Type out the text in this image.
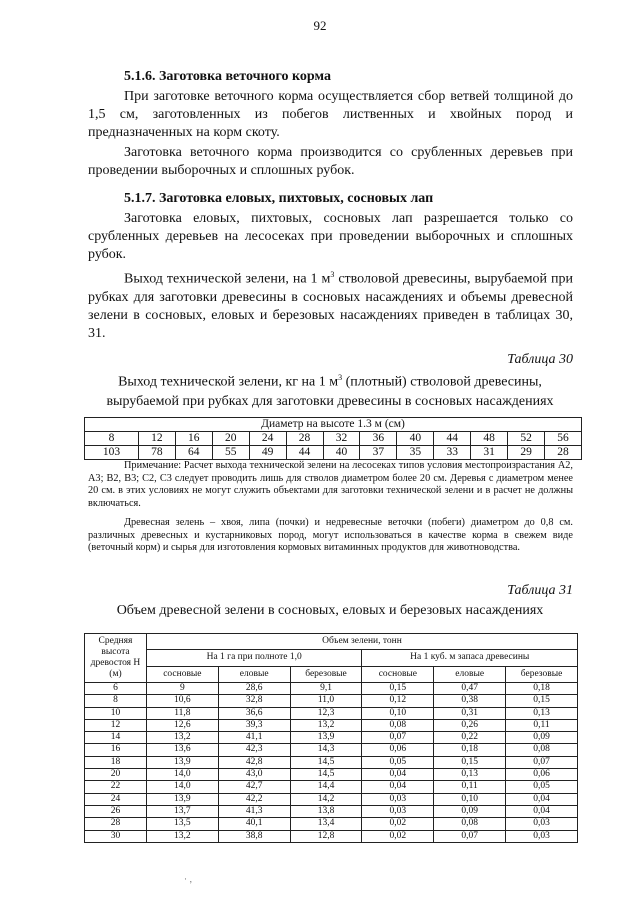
92
5.1.6. Заготовка веточного корма
При заготовке веточного корма осуществляется сбор ветвей толщиной до 1,5 см, заготовленных из побегов лиственных и хвойных пород и предназначенных на корм скоту.
Заготовка веточного корма производится со срубленных деревьев при проведении выборочных и сплошных рубок.
5.1.7. Заготовка еловых, пихтовых, сосновых лап
Заготовка еловых, пихтовых, сосновых лап разрешается только со срубленных деревьев на лесосеках при проведении выборочных и сплошных рубок.
Выход технической зелени, на 1 $м^3$ стволовой древесины, вырубаемой при рубках для заготовки древесины в сосновых насаждениях и объемы древесной зелени в сосновых, еловых и березовых насаждениях приведен в таблицах 30, 31.
Таблица 30
Выход технической зелени, кг на 1 $м^3$ (плотный) стволовой древесины,
вырубаемой при рубках для заготовки древесины в сосновых насаждениях
Диаметр на высоте 1.3 м (см)												
8	12	16	20	24	28	32	36	40	44	48	52	56
103	78	64	55	49	44	40	37	35	33	31	29	28
Примечание: Расчет выхода технической зелени на лесосеках типов условия местопроизрастания А2, А3; В2, В3; С2, С3 следует проводить лишь для стволов диаметром более 20 см. Деревья с диаметром менее 20 см. в этих условиях не могут служить объектами для заготовки технической зелени и в расчет не должны включаться.
Древесная зелень – хвоя, липа (почки) и недревесные веточки (побеги) диаметром до 0,8 см. различных древесных и кустарниковых пород, могут использоваться в качестве корма в свежем виде (веточный корм) и сырья для изготовления кормовых витаминных продуктов для животноводства.
Таблица 31
Объем древесной зелени в сосновых, еловых и березовых насаждениях
Средняя высота древостоя Н (м)	Объем зелени, тонн					
	На 1 га при полноте 1,0			На 1 куб. м запаса древесины		
	сосновые	еловые	березовые	сосновые	еловые	березовые
6	9	28,6	9,1	0,15	0,47	0,18
8	10,6	32,8	11,0	0,12	0,38	0,15
10	11,8	36,6	12,3	0,10	0,31	0,13
12	12,6	39,3	13,2	0,08	0,26	0,11
14	13,2	41,1	13,9	0,07	0,22	0,09
16	13,6	42,3	14,3	0,06	0,18	0,08
18	13,9	42,8	14,5	0,05	0,15	0,07
20	14,0	43,0	14,5	0,04	0,13	0,06
22	14,0	42,7	14,4	0,04	0,11	0,05
24	13,9	42,2	14,2	0,03	0,10	0,04
26	13,7	41,3	13,8	0,03	0,09	0,04
28	13,5	40,1	13,4	0,02	0,08	0,03
30	13,2	38,8	12,8	0,02	0,07	0,03
· ‚
